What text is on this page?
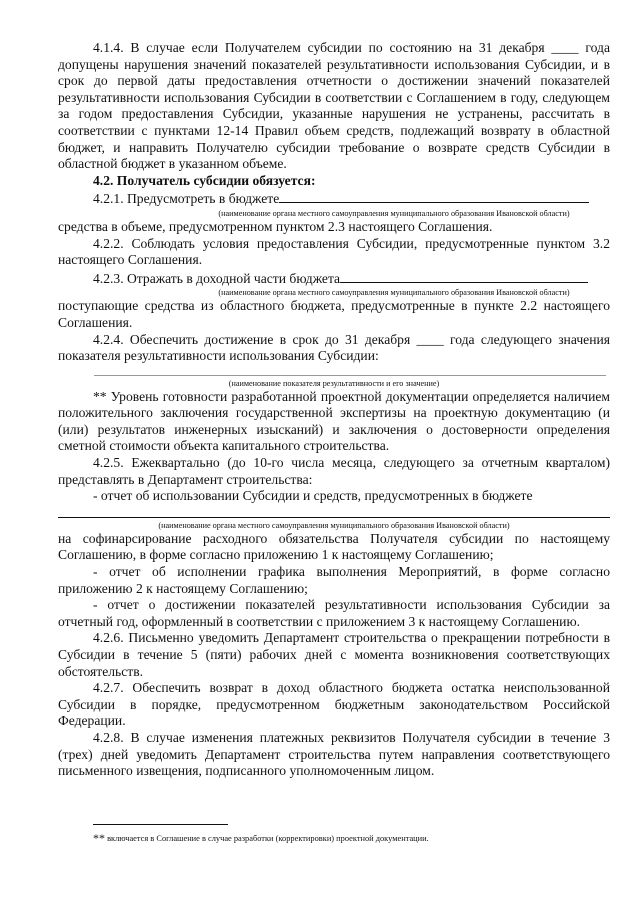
4.1.4. В случае если Получателем субсидии по состоянию на 31 декабря ____ года допущены нарушения значений показателей результативности использования Субсидии, и в срок до первой даты предоставления отчетности о достижении значений показателей результативности использования Субсидии в соответствии с Соглашением в году, следующем за годом предоставления Субсидии, указанные нарушения не устранены, рассчитать в соответствии с пунктами 12-14 Правил объем средств, подлежащий возврату в областной бюджет, и направить Получателю субсидии требование о возврате средств Субсидии в областной бюджет в указанном объеме.

4.2. Получатель субсидии обязуется:

4.2.1. Предусмотреть в бюджете

(наименование органа местного самоуправления муниципального образования Ивановской области)

средства в объеме, предусмотренном пунктом 2.3 настоящего Соглашения.

4.2.2. Соблюдать условия предоставления Субсидии, предусмотренные пунктом 3.2 настоящего Соглашения.

4.2.3. Отражать в доходной части бюджета

(наименование органа местного самоуправления муниципального образования Ивановской области)

поступающие средства из областного бюджета, предусмотренные в пункте 2.2 настоящего Соглашения.

4.2.4. Обеспечить достижение в срок до 31 декабря ____ года следующего значения показателя результативности использования Субсидии:

(наименование показателя результативности и его значение)

** Уровень готовности разработанной проектной документации определяется наличием положительного заключения государственной экспертизы на проектную документацию (и (или) результатов инженерных изысканий) и заключения о достоверности определения сметной стоимости объекта капитального строительства.

4.2.5. Ежеквартально (до 10-го числа месяца, следующего за отчетным кварталом) представлять в Департамент строительства:

- отчет об использовании Субсидии и средств, предусмотренных в бюджете

(наименование органа местного самоуправления муниципального образования Ивановской области)

на софинарсирование расходного обязательства Получателя субсидии по настоящему Соглашению, в форме согласно приложению 1 к настоящему Соглашению;

- отчет об исполнении графика выполнения Мероприятий, в форме согласно приложению 2 к настоящему Соглашению;

- отчет о достижении показателей результативности использования Субсидии за отчетный год, оформленный в соответствии с приложением 3 к настоящему Соглашению.

4.2.6. Письменно уведомить Департамент строительства о прекращении потребности в Субсидии в течение 5 (пяти) рабочих дней с момента возникновения соответствующих обстоятельств.

4.2.7. Обеспечить возврат в доход областного бюджета остатка неиспользованной Субсидии в порядке, предусмотренном бюджетным законодательством Российской Федерации.

4.2.8. В случае изменения платежных реквизитов Получателя субсидии в течение 3 (трех) дней уведомить Департамент строительства путем направления соответствующего письменного извещения, подписанного уполномоченным лицом.

** включается в Соглашение в случае разработки (корректировки) проектной документации.
